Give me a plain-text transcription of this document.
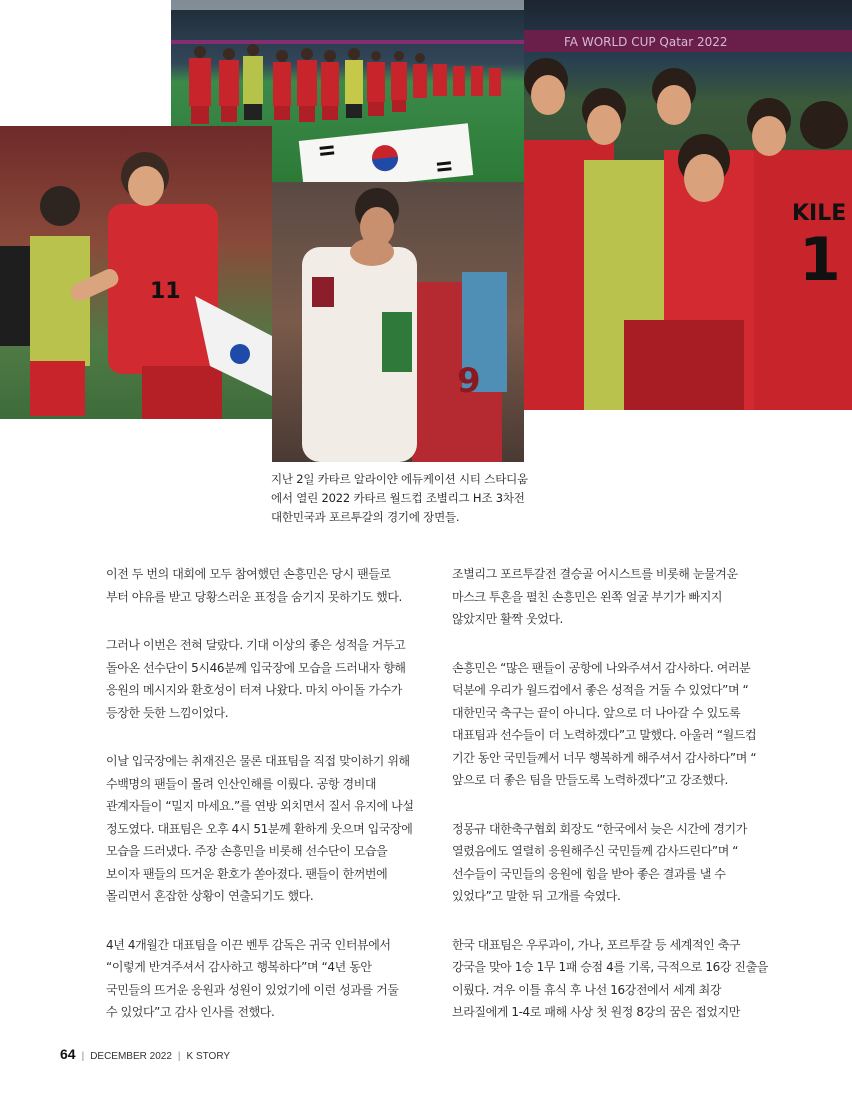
11
9
FA WORLD CUP Qatar 2022
KILE
1
지난 2일 카타르 알라이얀 에듀케이션 시티 스타디움
에서 열린 2022 카타르 월드컵 조별리그 H조 3차전
대한민국과 포르투갈의 경기에 장면들.
이전 두 번의 대회에 모두 참여했던 손흥민은 당시 팬들로
부터 야유를 받고 당황스러운 표정을 숨기지 못하기도 했다.
그러나 이번은 전혀 달랐다. 기대 이상의 좋은 성적을 거두고
돌아온 선수단이 5시46분께 입국장에 모습을 드러내자 향해
응원의 메시지와 환호성이 터져 나왔다. 마치 아이돌 가수가
등장한 듯한 느낌이었다.
이날 입국장에는 취재진은 물론 대표팀을 직접 맞이하기 위해
수백명의 팬들이 몰려 인산인해를 이뤘다. 공항 경비대
관계자들이 “밀지 마세요.”를 연방 외치면서 질서 유지에 나설
정도였다. 대표팀은 오후 4시 51분께 환하게 웃으며 입국장에
모습을 드러냈다. 주장 손흥민을 비롯해 선수단이 모습을
보이자 팬들의 뜨거운 환호가 쏟아졌다. 팬들이 한꺼번에
몰리면서 혼잡한 상황이 연출되기도 했다.
4년 4개월간 대표팀을 이끈 벤투 감독은 귀국 인터뷰에서
“이렇게 반겨주셔서 감사하고 행복하다”며 “4년 동안
국민들의 뜨거운 응원과 성원이 있었기에 이런 성과를 거둘
수 있었다”고 감사 인사를 전했다.
조별리그 포르투갈전 결승골 어시스트를 비롯해 눈물겨운
마스크 투혼을 펼친 손흥민은 왼쪽 얼굴 부기가 빠지지
않았지만 활짝 웃었다.
손흥민은 “많은 팬들이 공항에 나와주셔서 감사하다. 여러분
덕분에 우리가 월드컵에서 좋은 성적을 거둘 수 있었다”며 “
대한민국 축구는 끝이 아니다. 앞으로 더 나아갈 수 있도록
대표팀과 선수들이 더 노력하겠다”고 말했다. 아울러 “월드컵
기간 동안 국민들께서 너무 행복하게 해주셔서 감사하다”며 “
앞으로 더 좋은 팀을 만들도록 노력하겠다”고 강조했다.
정몽규 대한축구협회 회장도 “한국에서 늦은 시간에 경기가
열렸음에도 열렬히 응원해주신 국민들께 감사드린다”며 “
선수들이 국민들의 응원에 힘을 받아 좋은 결과를 낼 수
있었다”고 말한 뒤 고개를 숙였다.
한국 대표팀은 우루과이, 가나, 포르투갈 등 세계적인 축구
강국을 맞아 1승 1무 1패 승점 4를 기록, 극적으로 16강 진출을
이뤘다. 겨우 이틀 휴식 후 나선 16강전에서 세계 최강
브라질에게 1-4로 패해 사상 첫 원정 8강의 꿈은 접었지만
64 | DECEMBER 2022 | K STORY
